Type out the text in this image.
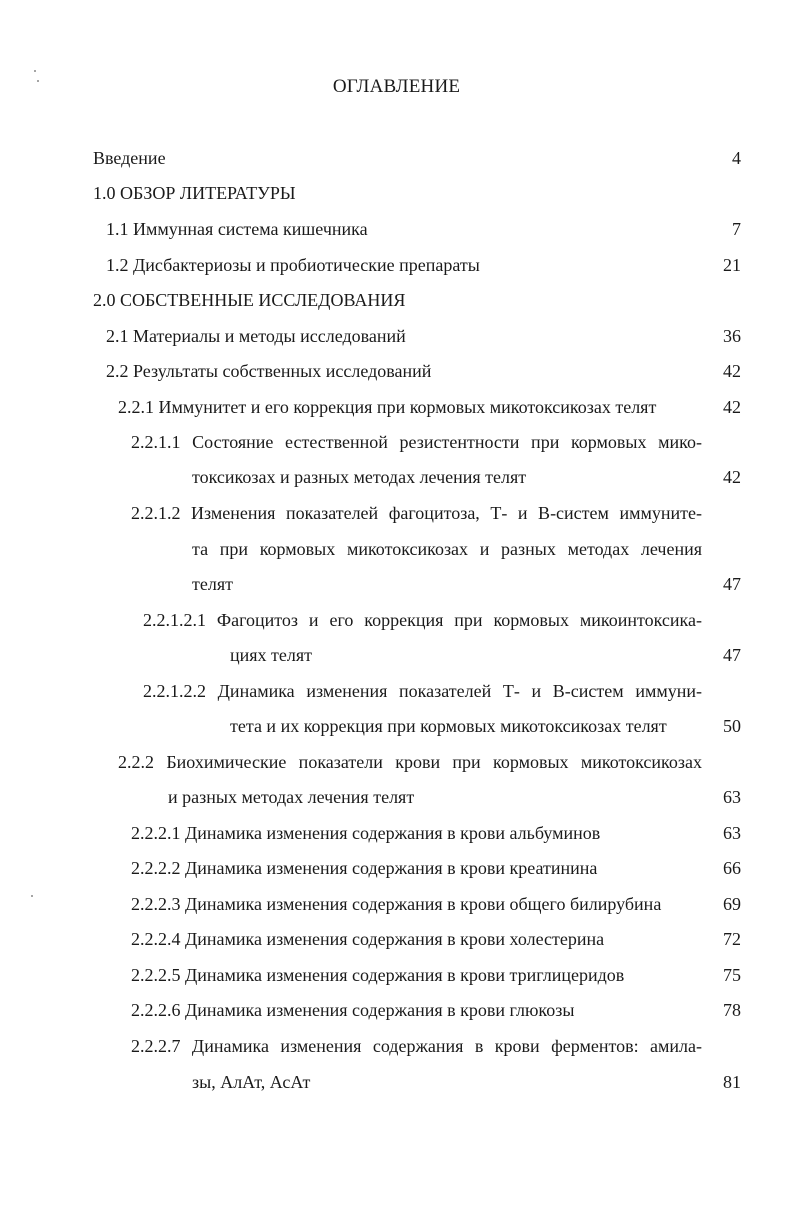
ОГЛАВЛЕНИЕ
Введение	4
1.0 ОБЗОР ЛИТЕРАТУРЫ
1.1 Иммунная система кишечника	7
1.2 Дисбактериозы и пробиотические препараты	21
2.0 СОБСТВЕННЫЕ ИССЛЕДОВАНИЯ
2.1 Материалы и методы исследований	36
2.2 Результаты собственных исследований	42
2.2.1 Иммунитет и его коррекция при кормовых микотоксикозах телят	42
2.2.1.1 Состояние естественной резистентности при кормовых мико-
токсикозах и разных методах лечения телят	42
2.2.1.2 Изменения показателей фагоцитоза, Т- и В-систем иммуните-
та при кормовых микотоксикозах и разных методах лечения
телят	47
2.2.1.2.1 Фагоцитоз и его коррекция при кормовых микоинтоксика-
циях телят	47
2.2.1.2.2 Динамика изменения показателей Т- и В-систем иммуни-
тета и их коррекция при кормовых микотоксикозах телят	50
2.2.2 Биохимические показатели крови при кормовых микотоксикозах
и разных методах лечения телят	63
2.2.2.1 Динамика изменения содержания в крови альбуминов	63
2.2.2.2 Динамика изменения содержания в крови креатинина	66
2.2.2.3 Динамика изменения содержания в крови общего билирубина	69
2.2.2.4 Динамика изменения содержания в крови холестерина	72
2.2.2.5 Динамика изменения содержания в крови триглицеридов	75
2.2.2.6 Динамика изменения содержания в крови глюкозы	78
2.2.2.7 Динамика изменения содержания в крови ферментов: амила-
зы, АлАт, АсАт	81
